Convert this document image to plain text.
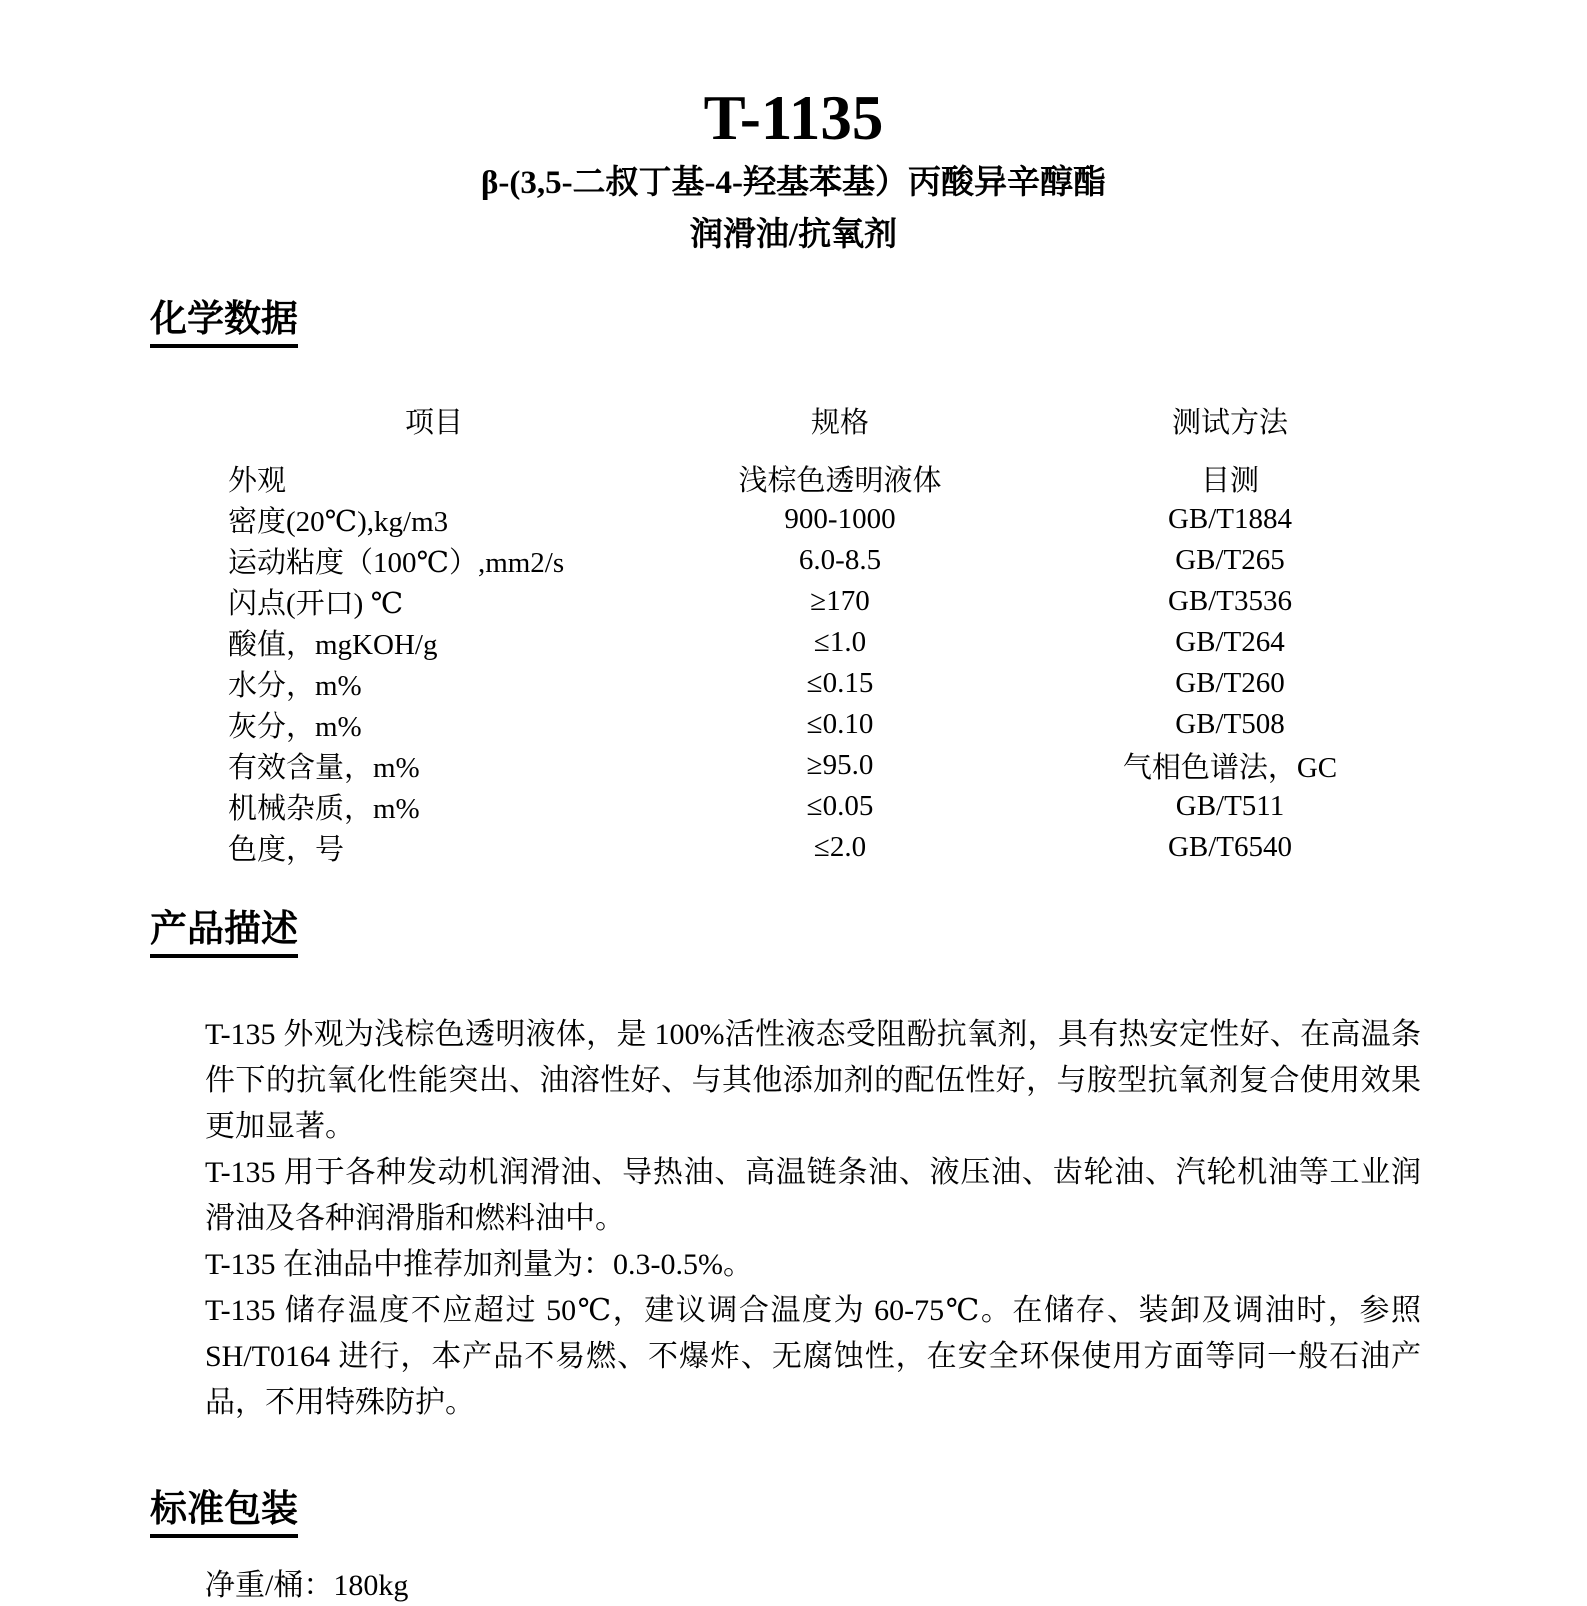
T-1135
β-(3,5-二叔丁基-4-羟基苯基）丙酸异辛醇酯
润滑油/抗氧剂
化学数据
项目	规格	测试方法
外观	浅棕色透明液体	目测
密度(20℃),kg/m3	900-1000	GB/T1884
运动粘度（100℃）,mm2/s	6.0-8.5	GB/T265
闪点(开口) ℃	≥170	GB/T3536
酸值，mgKOH/g	≤1.0	GB/T264
水分，m%	≤0.15	GB/T260
灰分，m%	≤0.10	GB/T508
有效含量，m%	≥95.0	气相色谱法，GC
机械杂质，m%	≤0.05	GB/T511
色度，号	≤2.0	GB/T6540
产品描述

T-135 外观为浅棕色透明液体，是 100%活性液态受阻酚抗氧剂，具有热安定性好、在高温条件下的抗氧化性能突出、油溶性好、与其他添加剂的配伍性好，与胺型抗氧剂复合使用效果更加显著。

T-135 用于各种发动机润滑油、导热油、高温链条油、液压油、齿轮油、汽轮机油等工业润滑油及各种润滑脂和燃料油中。

T-135 在油品中推荐加剂量为：0.3-0.5%。

T-135 储存温度不应超过 50℃，建议调合温度为 60-75℃。在储存、装卸及调油时，参照 SH/T0164 进行，本产品不易燃、不爆炸、无腐蚀性，在安全环保使用方面等同一般石油产品，不用特殊防护。

标准包装
净重/桶：180kg
